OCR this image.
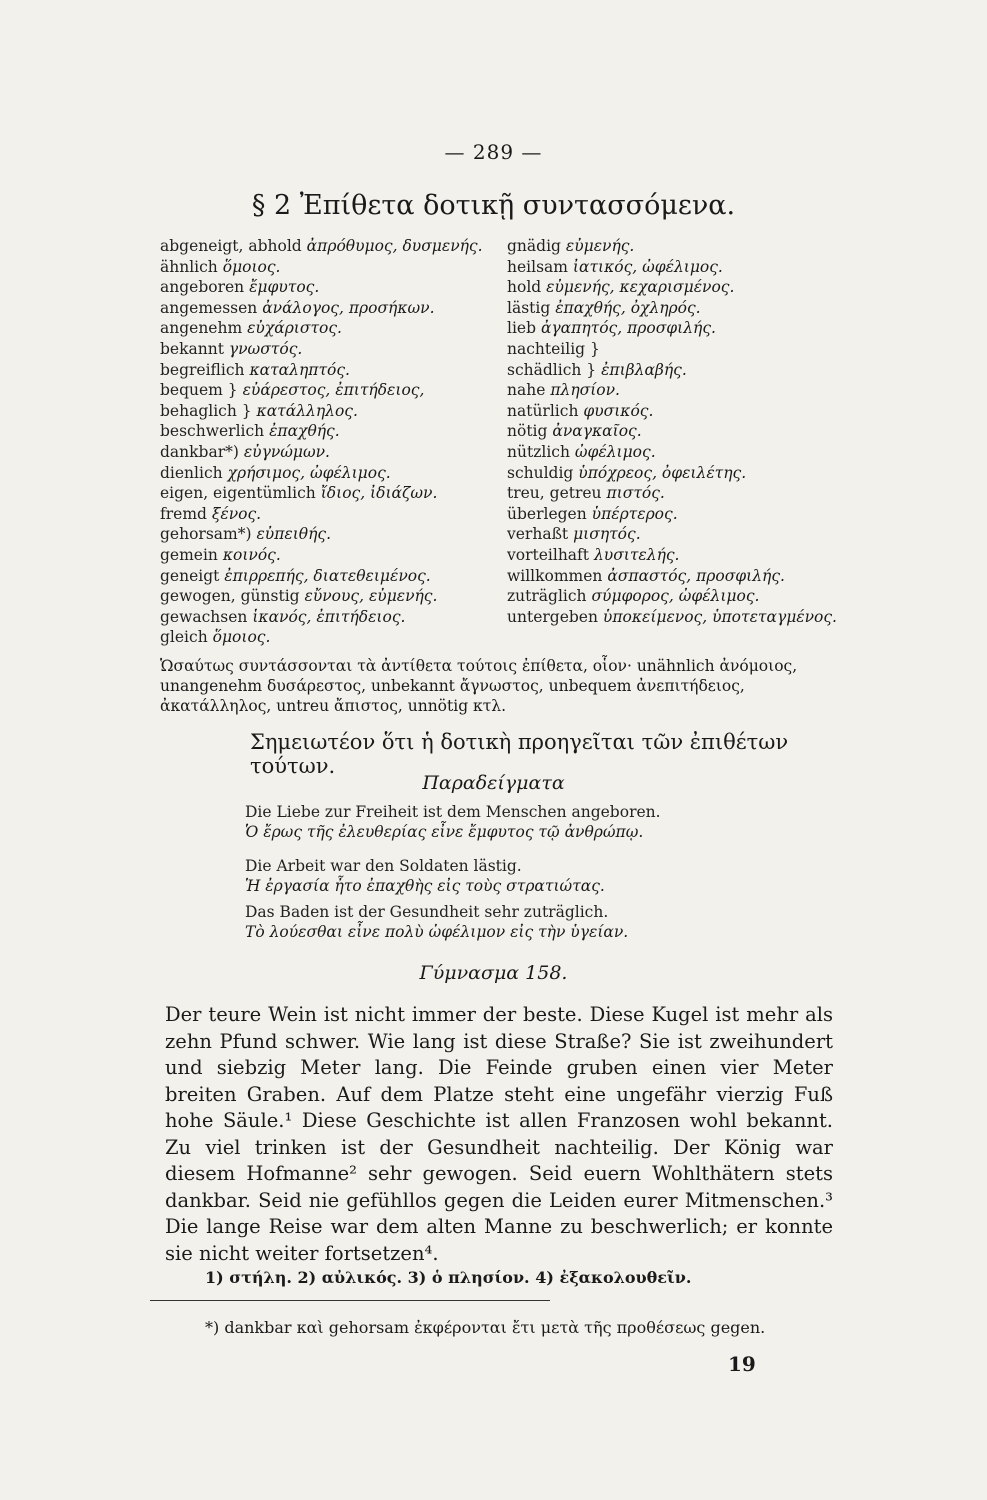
— 289 —
§ 2 Ἐπίθετα δοτικῇ συντασσόμενα.
abgeneigt, abhold ἀπρόθυμος, δυσμενής.
ähnlich ὅμοιος.
angeboren ἔμφυτος.
angemessen ἀνάλογος, προσήκων.
angenehm εὐχάριστος.
bekannt γνωστός.
begreiflich καταληπτός.
bequem } εὐάρεστος, ἐπιτήδειος,
behaglich } κατάλληλος.
beschwerlich ἐπαχθής.
dankbar*) εὐγνώμων.
dienlich χρήσιμος, ὠφέλιμος.
eigen, eigentümlich ἴδιος, ἰδιάζων.
fremd ξένος.
gehorsam*) εὐπειθής.
gemein κοινός.
geneigt ἐπιρρεπής, διατεθειμένος.
gewogen, günstig εὔνους, εὐμενής.
gewachsen ἱκανός, ἐπιτήδειος.
gleich ὅμοιος.
gnädig εὐμενής.
heilsam ἰατικός, ὠφέλιμος.
hold εὐμενής, κεχαρισμένος.
lästig ἐπαχθής, ὀχληρός.
lieb ἀγαπητός, προσφιλής.
nachteilig }
schädlich } ἐπιβλαβής.
nahe πλησίον.
natürlich φυσικός.
nötig ἀναγκαῖος.
nützlich ὠφέλιμος.
schuldig ὑπόχρεος, ὀφειλέτης.
treu, getreu πιστός.
überlegen ὑπέρτερος.
verhaßt μισητός.
vorteilhaft λυσιτελής.
willkommen ἀσπαστός, προσφιλής.
zuträglich σύμφορος, ὠφέλιμος.
untergeben ὑποκείμενος, ὑποτεταγμένος.
Ὡσαύτως συντάσσονται τὰ ἀντίθετα τούτοις ἐπίθετα, οἷον· unähnlich ἀνόμοιος, unangenehm δυσάρεστος, unbekannt ἄγνωστος, unbequem ἀνεπιτήδειος, ἀκατάλληλος, untreu ἄπιστος, unnötig κτλ.
Σημειωτέον ὅτι ἡ δοτικὴ προηγεῖται τῶν ἐπιθέτων τούτων.
Παραδείγματα
Die Liebe zur Freiheit ist dem Menschen angeboren.
Ὁ ἔρως τῆς ἐλευθερίας εἶνε ἔμφυτος τῷ ἀνθρώπῳ.
Die Arbeit war den Soldaten lästig.
Ἡ ἐργασία ἦτο ἐπαχθὴς εἰς τοὺς στρατιώτας.
Das Baden ist der Gesundheit sehr zuträglich.
Τὸ λούεσθαι εἶνε πολὺ ὠφέλιμον εἰς τὴν ὑγείαν.
Γύμνασμα 158.
Der teure Wein ist nicht immer der beste. Diese Kugel ist mehr als zehn Pfund schwer. Wie lang ist diese Straße? Sie ist zweihundert und siebzig Meter lang. Die Feinde gruben einen vier Meter breiten Graben. Auf dem Platze steht eine ungefähr vierzig Fuß hohe Säule.¹ Diese Geschichte ist allen Franzosen wohl bekannt. Zu viel trinken ist der Gesundheit nachteilig. Der König war diesem Hofmanne² sehr gewogen. Seid euern Wohlthätern stets dankbar. Seid nie gefühllos gegen die Leiden eurer Mitmenschen.³ Die lange Reise war dem alten Manne zu beschwerlich; er konnte sie nicht weiter fortsetzen⁴.
1) στήλη. 2) αὐλικός. 3) ὁ πλησίον. 4) ἐξακολουθεῖν.
*) dankbar καὶ gehorsam ἐκφέρονται ἔτι μετὰ τῆς προθέσεως gegen.
19
